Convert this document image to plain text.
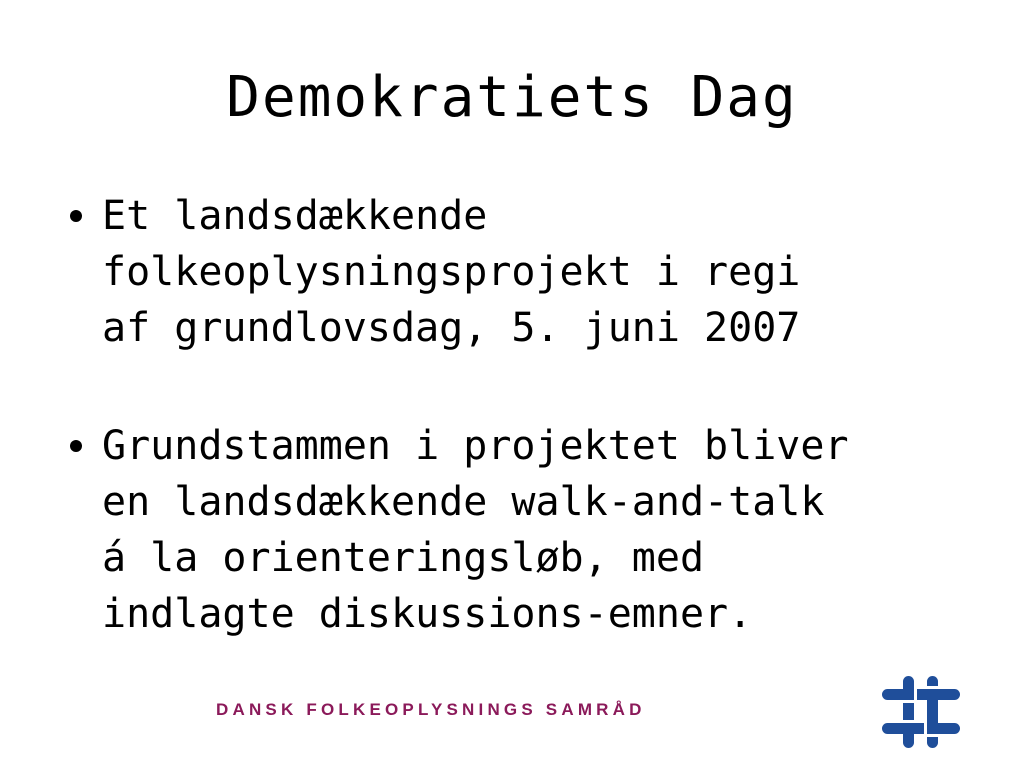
Demokratiets Dag
Et landsdækkende
folkeoplysningsprojekt i regi
af grundlovsdag, 5. juni 2007
Grundstammen i projektet bliver
en landsdækkende walk-and-talk
á la orienteringsløb, med
indlagte diskussions-emner.
DANSK FOLKEOPLYSNINGS SAMRÅD
